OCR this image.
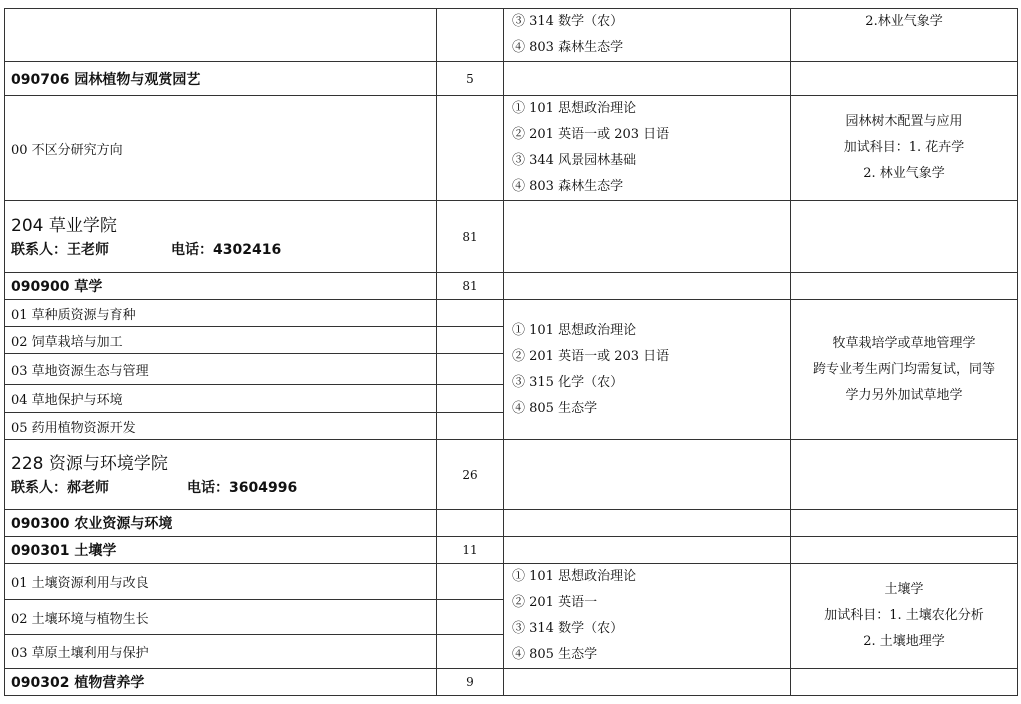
		③ 314 数学（农）
④ 803 森林生态学	2.林业气象学

090706 园林植物与观赏园艺	5		
00 不区分研究方向		① 101 思想政治理论
② 201 英语一或 203 日语
③ 344 风景园林基础
④ 803 森林生态学	园林树木配置与应用
加试科目：1. 花卉学
2. 林业气象学

204 草业学院
联系人：王老师 电话：4302416	81		
090900 草学	81		
01 草种质资源与育种		① 101 思想政治理论
② 201 英语一或 203 日语
③ 315 化学（农）
④ 805 生态学	牧草栽培学或草地管理学
跨专业考生两门均需复试，同等
学力另外加试草地学

02 饲草栽培与加工			
03 草地资源生态与管理			
04 草地保护与环境			
05 药用植物资源开发			

228 资源与环境学院
联系人：郝老师 电话：3604996	26		
090300 农业资源与环境			
090301 土壤学	11		
01 土壤资源利用与改良		① 101 思想政治理论
② 201 英语一
③ 314 数学（农）
④ 805 生态学	土壤学
加试科目：1. 土壤农化分析
2. 土壤地理学

02 土壤环境与植物生长			
03 草原土壤利用与保护			
090302 植物营养学	9		
